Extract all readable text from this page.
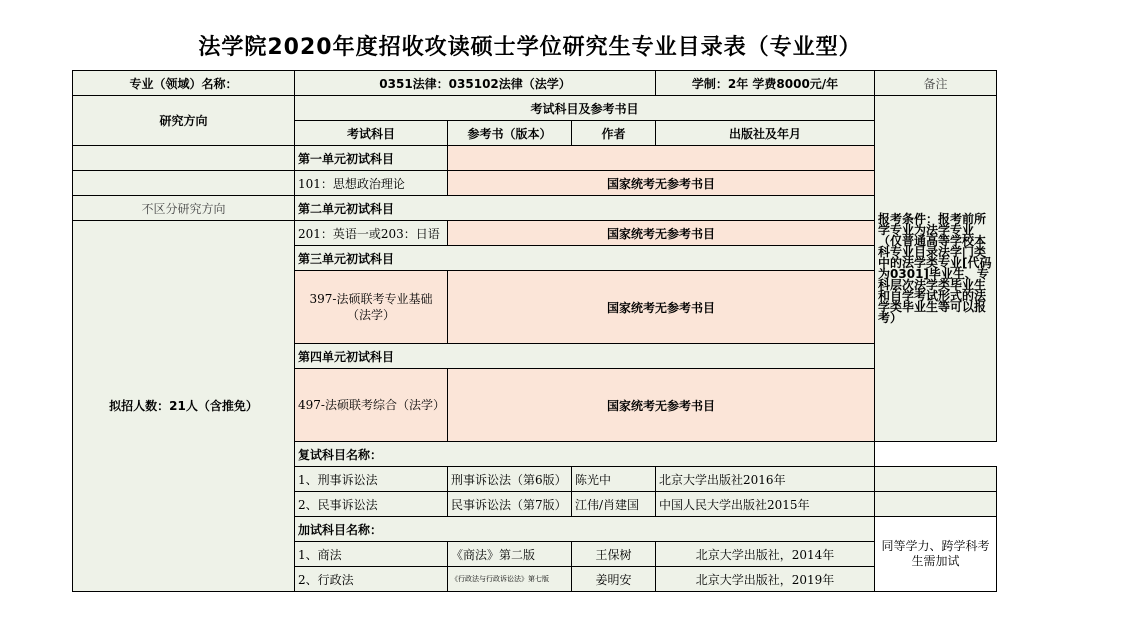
法学院2020年度招收攻读硕士学位研究生专业目录表（专业型）
专业（领域）名称：	0351法律：035102法律（法学）			学制：2年 学费8000元/年	备注
研究方向	考试科目及参考书目				报考条件：报考前所学专业为法学专业（仅普通高等学校本科专业目录法学门类中的法学类专业[代码为0301]毕业生、专科层次法学类毕业生和自学考试形式的法学类毕业生等可以报考）
	考试科目	参考书（版本）	作者	出版社及年月	
	第一单元初试科目				
	101：思想政治理论	国家统考无参考书目			
不区分研究方向	第二单元初试科目				
拟招人数：21人（含推免）	201：英语一或203：日语	国家统考无参考书目			
	第三单元初试科目				
	397-法硕联考专业基础（法学）	国家统考无参考书目			
	第四单元初试科目				
	497-法硕联考综合（法学）	国家统考无参考书目			
	复试科目名称：				
	1、刑事诉讼法	刑事诉讼法（第6版）	陈光中	北京大学出版社2016年	
	2、民事诉讼法	民事诉讼法（第7版）	江伟/肖建国	中国人民大学出版社2015年	
	加试科目名称：				同等学力、跨学科考生需加试
	1、商法	《商法》第二版	王保树	北京大学出版社，2014年	
	2、行政法	《行政法与行政诉讼法》第七版	姜明安	北京大学出版社，2019年	
